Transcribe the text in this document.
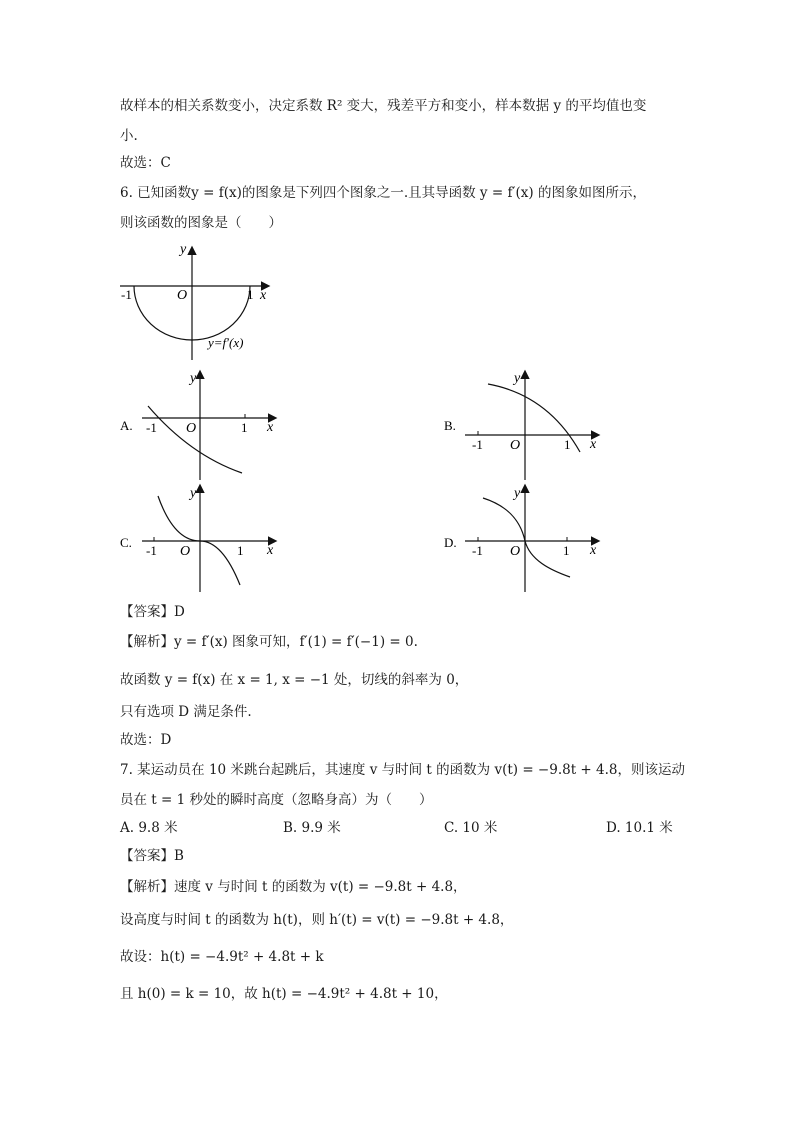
故样本的相关系数变小，决定系数 R² 变大，残差平方和变小，样本数据 y 的平均值也变
小.
故选：C
6. 已知函数y = f(x)的图象是下列四个图象之一.且其导函数 y = f′(x) 的图象如图所示，
则该函数的图象是（　　）
y
x
O
-1	1
y=f′(x)
A.
y
x
O
-1	1	B.
y
x
O
-1	1
C.
y
x
O
-1	1
D.
y
x
O
-1	1
【答案】D
【解析】y = f′(x) 图象可知，f′(1) = f′(−1) = 0.
故函数 y = f(x) 在 x = 1, x = −1 处，切线的斜率为 0，
只有选项 D 满足条件.
故选：D
7. 某运动员在 10 米跳台起跳后，其速度 v 与时间 t 的函数为 v(t) = −9.8t + 4.8，则该运动
员在 t = 1 秒处的瞬时高度（忽略身高）为（　　）
A. 9.8 米	B. 9.9 米	C. 10 米	D. 10.1 米
【答案】B
【解析】速度 v 与时间 t 的函数为 v(t) = −9.8t + 4.8，
设高度与时间 t 的函数为 h(t)，则 h′(t) = v(t) = −9.8t + 4.8，
故设：h(t) = −4.9t² + 4.8t + k
且 h(0) = k = 10，故 h(t) = −4.9t² + 4.8t + 10，
